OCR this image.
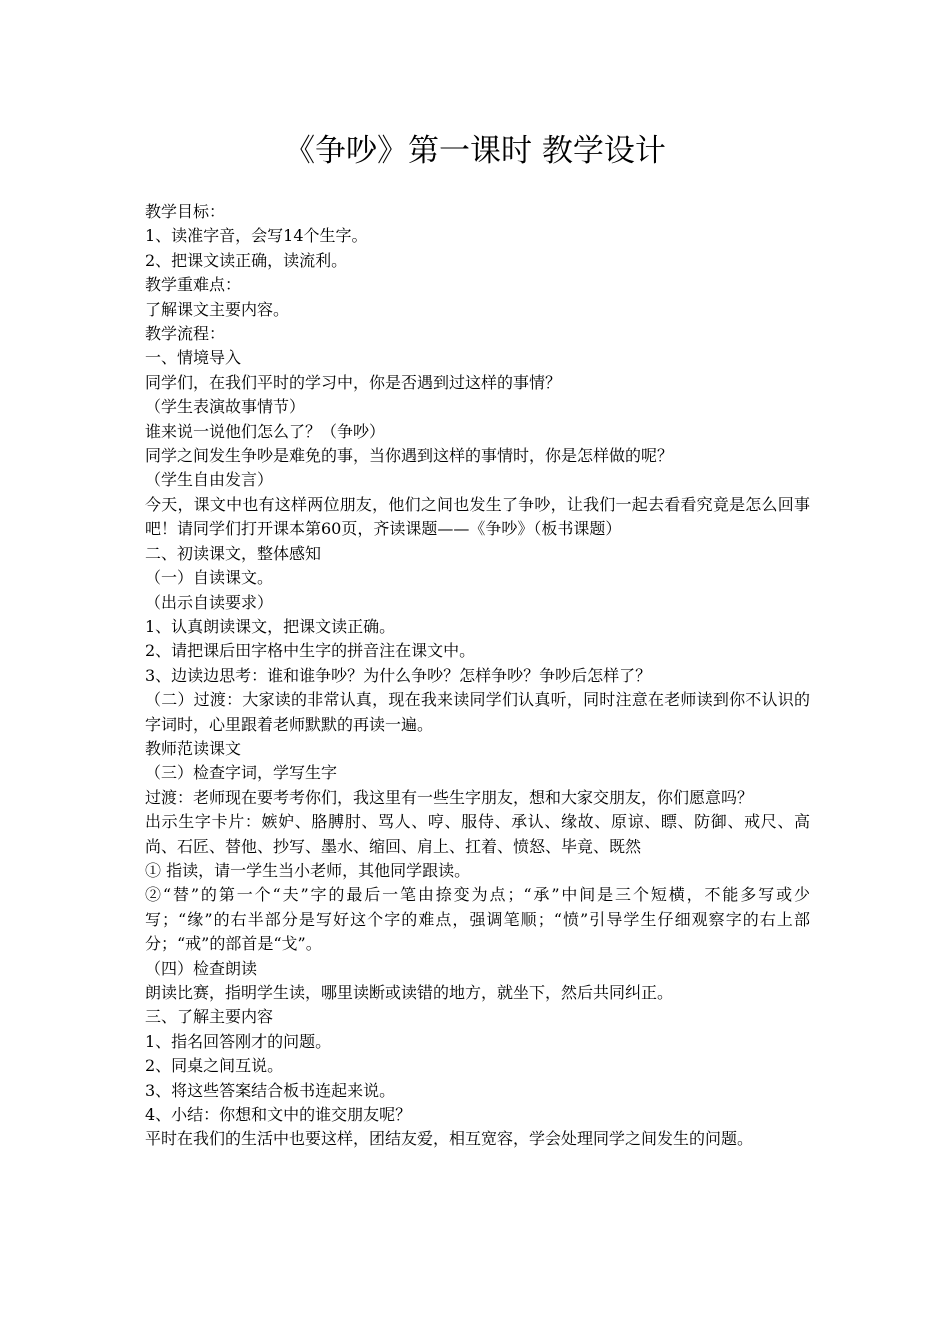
《争吵》第一课时 教学设计

教学目标：

1、读准字音，会写14个生字。

2、把课文读正确，读流利。

教学重难点：

了解课文主要内容。

教学流程：

一、情境导入

同学们，在我们平时的学习中，你是否遇到过这样的事情？

（学生表演故事情节）

谁来说一说他们怎么了？（争吵）

同学之间发生争吵是难免的事，当你遇到这样的事情时，你是怎样做的呢？

（学生自由发言）

今天，课文中也有这样两位朋友，他们之间也发生了争吵，让我们一起去看看究竟是怎么回事吧！请同学们打开课本第60页，齐读课题——《争吵》（板书课题）

二、初读课文，整体感知

（一）自读课文。

（出示自读要求）

1、认真朗读课文，把课文读正确。

2、请把课后田字格中生字的拼音注在课文中。

3、边读边思考：谁和谁争吵？为什么争吵？怎样争吵？争吵后怎样了？

（二）过渡：大家读的非常认真，现在我来读同学们认真听，同时注意在老师读到你不认识的字词时，心里跟着老师默默的再读一遍。

教师范读课文

（三）检查字词，学写生字

过渡：老师现在要考考你们，我这里有一些生字朋友，想和大家交朋友，你们愿意吗？

出示生字卡片：嫉妒、胳膊肘、骂人、哼、服侍、承认、缘故、原谅、瞟、防御、戒尺、高尚、石匠、替他、抄写、墨水、缩回、肩上、扛着、愤怒、毕竟、既然

① 指读，请一学生当小老师，其他同学跟读。

②“替”的第一个“夫”字的最后一笔由捺变为点；“承”中间是三个短横，不能多写或少写；“缘”的右半部分是写好这个字的难点，强调笔顺；“愤”引导学生仔细观察字的右上部分；“戒”的部首是“戈”。

（四）检查朗读

朗读比赛，指明学生读，哪里读断或读错的地方，就坐下，然后共同纠正。

三、了解主要内容

1、指名回答刚才的问题。

2、同桌之间互说。

3、将这些答案结合板书连起来说。

4、小结：你想和文中的谁交朋友呢？

平时在我们的生活中也要这样，团结友爱，相互宽容，学会处理同学之间发生的问题。
